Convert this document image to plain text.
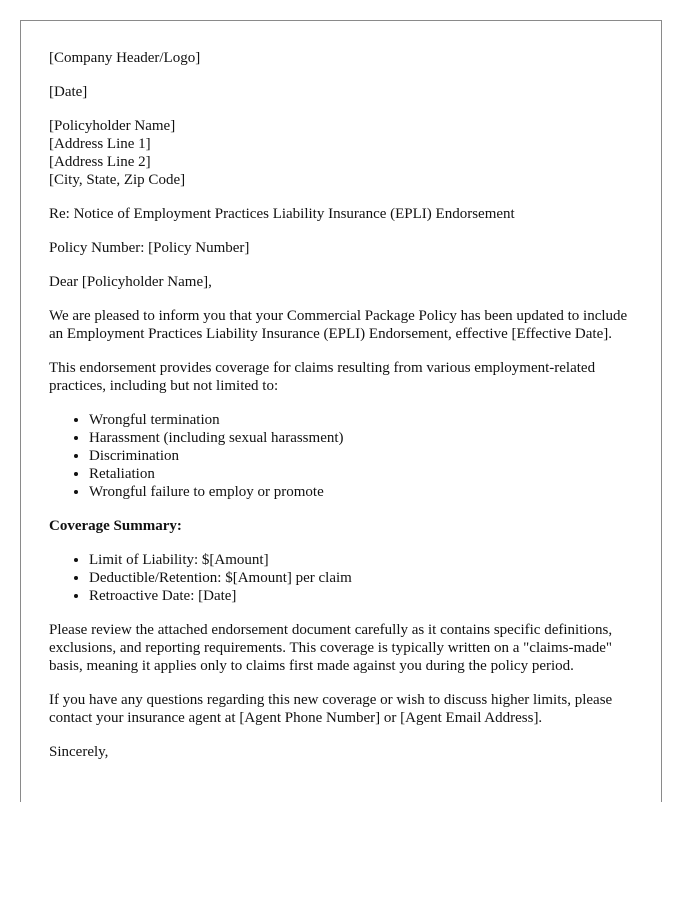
[Company Header/Logo]

[Date]

[Policyholder Name]

[Address Line 1]

[Address Line 2]

[City, State, Zip Code]

Re: Notice of Employment Practices Liability Insurance (EPLI) Endorsement

Policy Number: [Policy Number]

Dear [Policyholder Name],

We are pleased to inform you that your Commercial Package Policy has been updated to include an Employment Practices Liability Insurance (EPLI) Endorsement, effective [Effective Date].

This endorsement provides coverage for claims resulting from various employment-related practices, including but not limited to:

• Wrongful termination
• Harassment (including sexual harassment)
• Discrimination
• Retaliation
• Wrongful failure to employ or promote

Coverage Summary:

• Limit of Liability: $[Amount]
• Deductible/Retention: $[Amount] per claim
• Retroactive Date: [Date]

Please review the attached endorsement document carefully as it contains specific definitions, exclusions, and reporting requirements. This coverage is typically written on a "claims-made" basis, meaning it applies only to claims first made against you during the policy period.

If you have any questions regarding this new coverage or wish to discuss higher limits, please contact your insurance agent at [Agent Phone Number] or [Agent Email Address].

Sincerely,
